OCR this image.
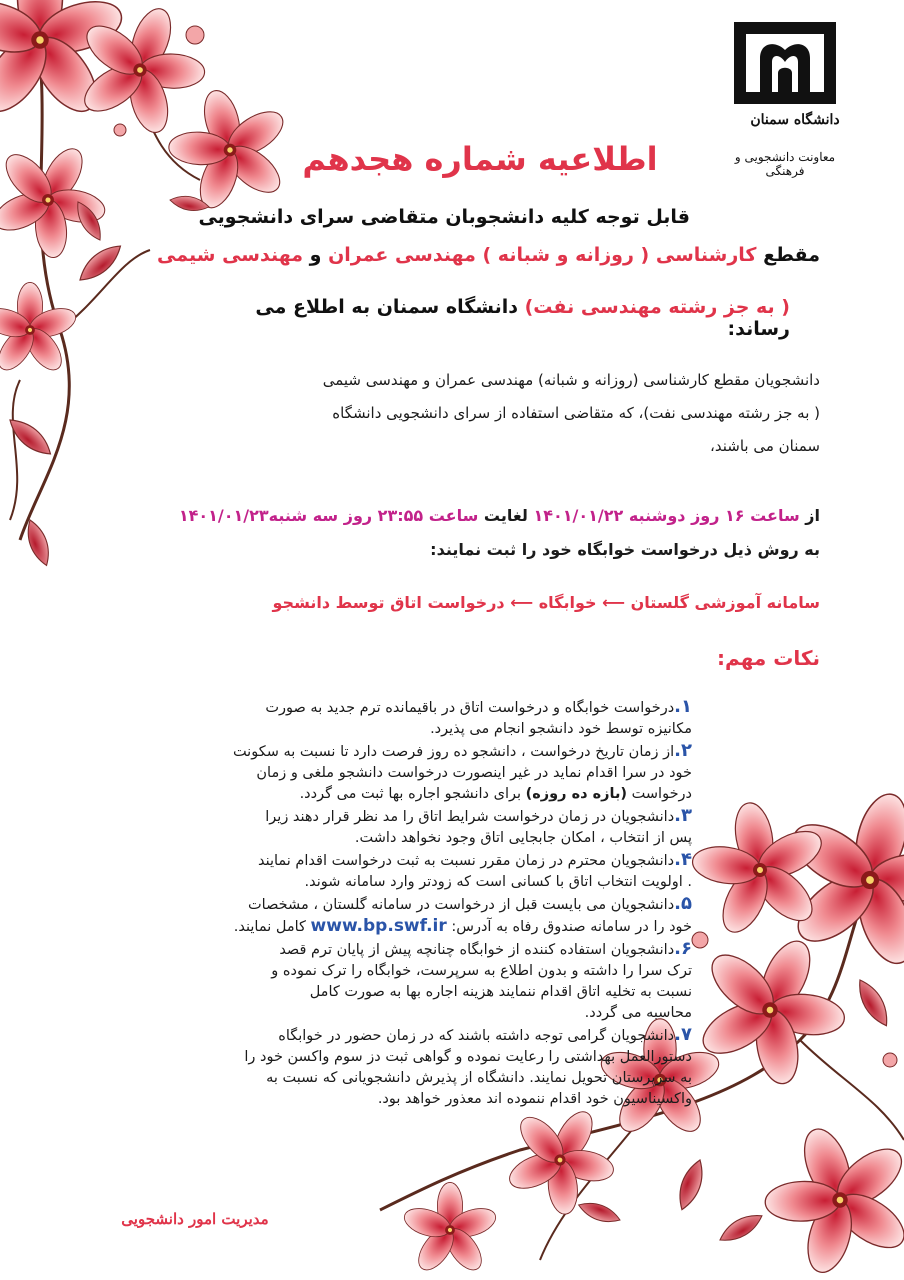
دانشگاه سمنان
معاونت دانشجویی و فرهنگی
اطلاعیه شماره هجدهم
قابل توجه کلیه دانشجوبان متقاضی سرای دانشجویی
مقطع کارشناسی ( روزانه و شبانه ) مهندسی عمران و مهندسی شیمی
( به جز رشته مهندسی نفت) دانشگاه سمنان به اطلاع می رساند:
دانشجویان مقطع کارشناسی (روزانه و شبانه) مهندسی عمران و مهندسی شیمی
( به جز رشته مهندسی نفت)، که متقاضی استفاده از سرای دانشجویی دانشگاه
سمنان می باشند،
از ساعت ۱۶ روز دوشنبه ۱۴۰۱/۰۱/۲۲ لغایت ساعت ۲۳:۵۵ روز سه شنبه۱۴۰۱/۰۱/۲۳
به روش ذیل درخواست خوابگاه خود را ثبت نمایند:
سامانه آموزشی گلستان ⟵ خوابگاه ⟵ درخواست اتاق توسط دانشجو
نکات مهم:
۱.درخواست خوابگاه و درخواست اتاق در باقیمانده ترم جدید به صورت
مکانیزه توسط خود دانشجو انجام می پذیرد.
۲.از زمان تاریخ درخواست ، دانشجو ده روز فرصت دارد تا نسبت به سکونت
خود در سرا اقدام نماید در غیر اینصورت درخواست دانشجو ملغی و زمان
درخواست (بازه ده روزه) برای دانشجو اجاره بها ثبت می گردد.
۳.دانشجویان در زمان درخواست شرایط اتاق را مد نظر قرار دهند زیرا
پس از انتخاب ، امکان جابجایی اتاق وجود نخواهد داشت.
۴.دانشجویان محترم در زمان مقرر نسبت به ثبت درخواست اقدام نمایند
. اولویت انتخاب اتاق با کسانی است که زودتر وارد سامانه شوند.
۵.دانشجویان می بایست قبل از درخواست در سامانه گلستان ، مشخصات
خود را در سامانه صندوق رفاه به آدرس: www.bp.swf.ir کامل نمایند.
۶.دانشجویان استفاده کننده از خوابگاه چنانچه پیش از پایان ترم قصد
ترک سرا را داشته و بدون اطلاع به سرپرست، خوابگاه را ترک نموده و
نسبت به تخلیه اتاق اقدام ننمایند هزینه اجاره بها به صورت کامل
محاسبه می گردد.
۷.دانشجویان گرامی توجه داشته باشند که در زمان حضور در خوابگاه
دستورالعمل بهداشتی را رعایت نموده و گواهی ثبت دز سوم واکسن خود را
به سرپرستان تحویل نمایند. دانشگاه از پذیرش دانشجویانی که نسبت به
واکسیناسیون خود اقدام ننموده اند معذور خواهد بود.
مدیریت امور دانشجویی
